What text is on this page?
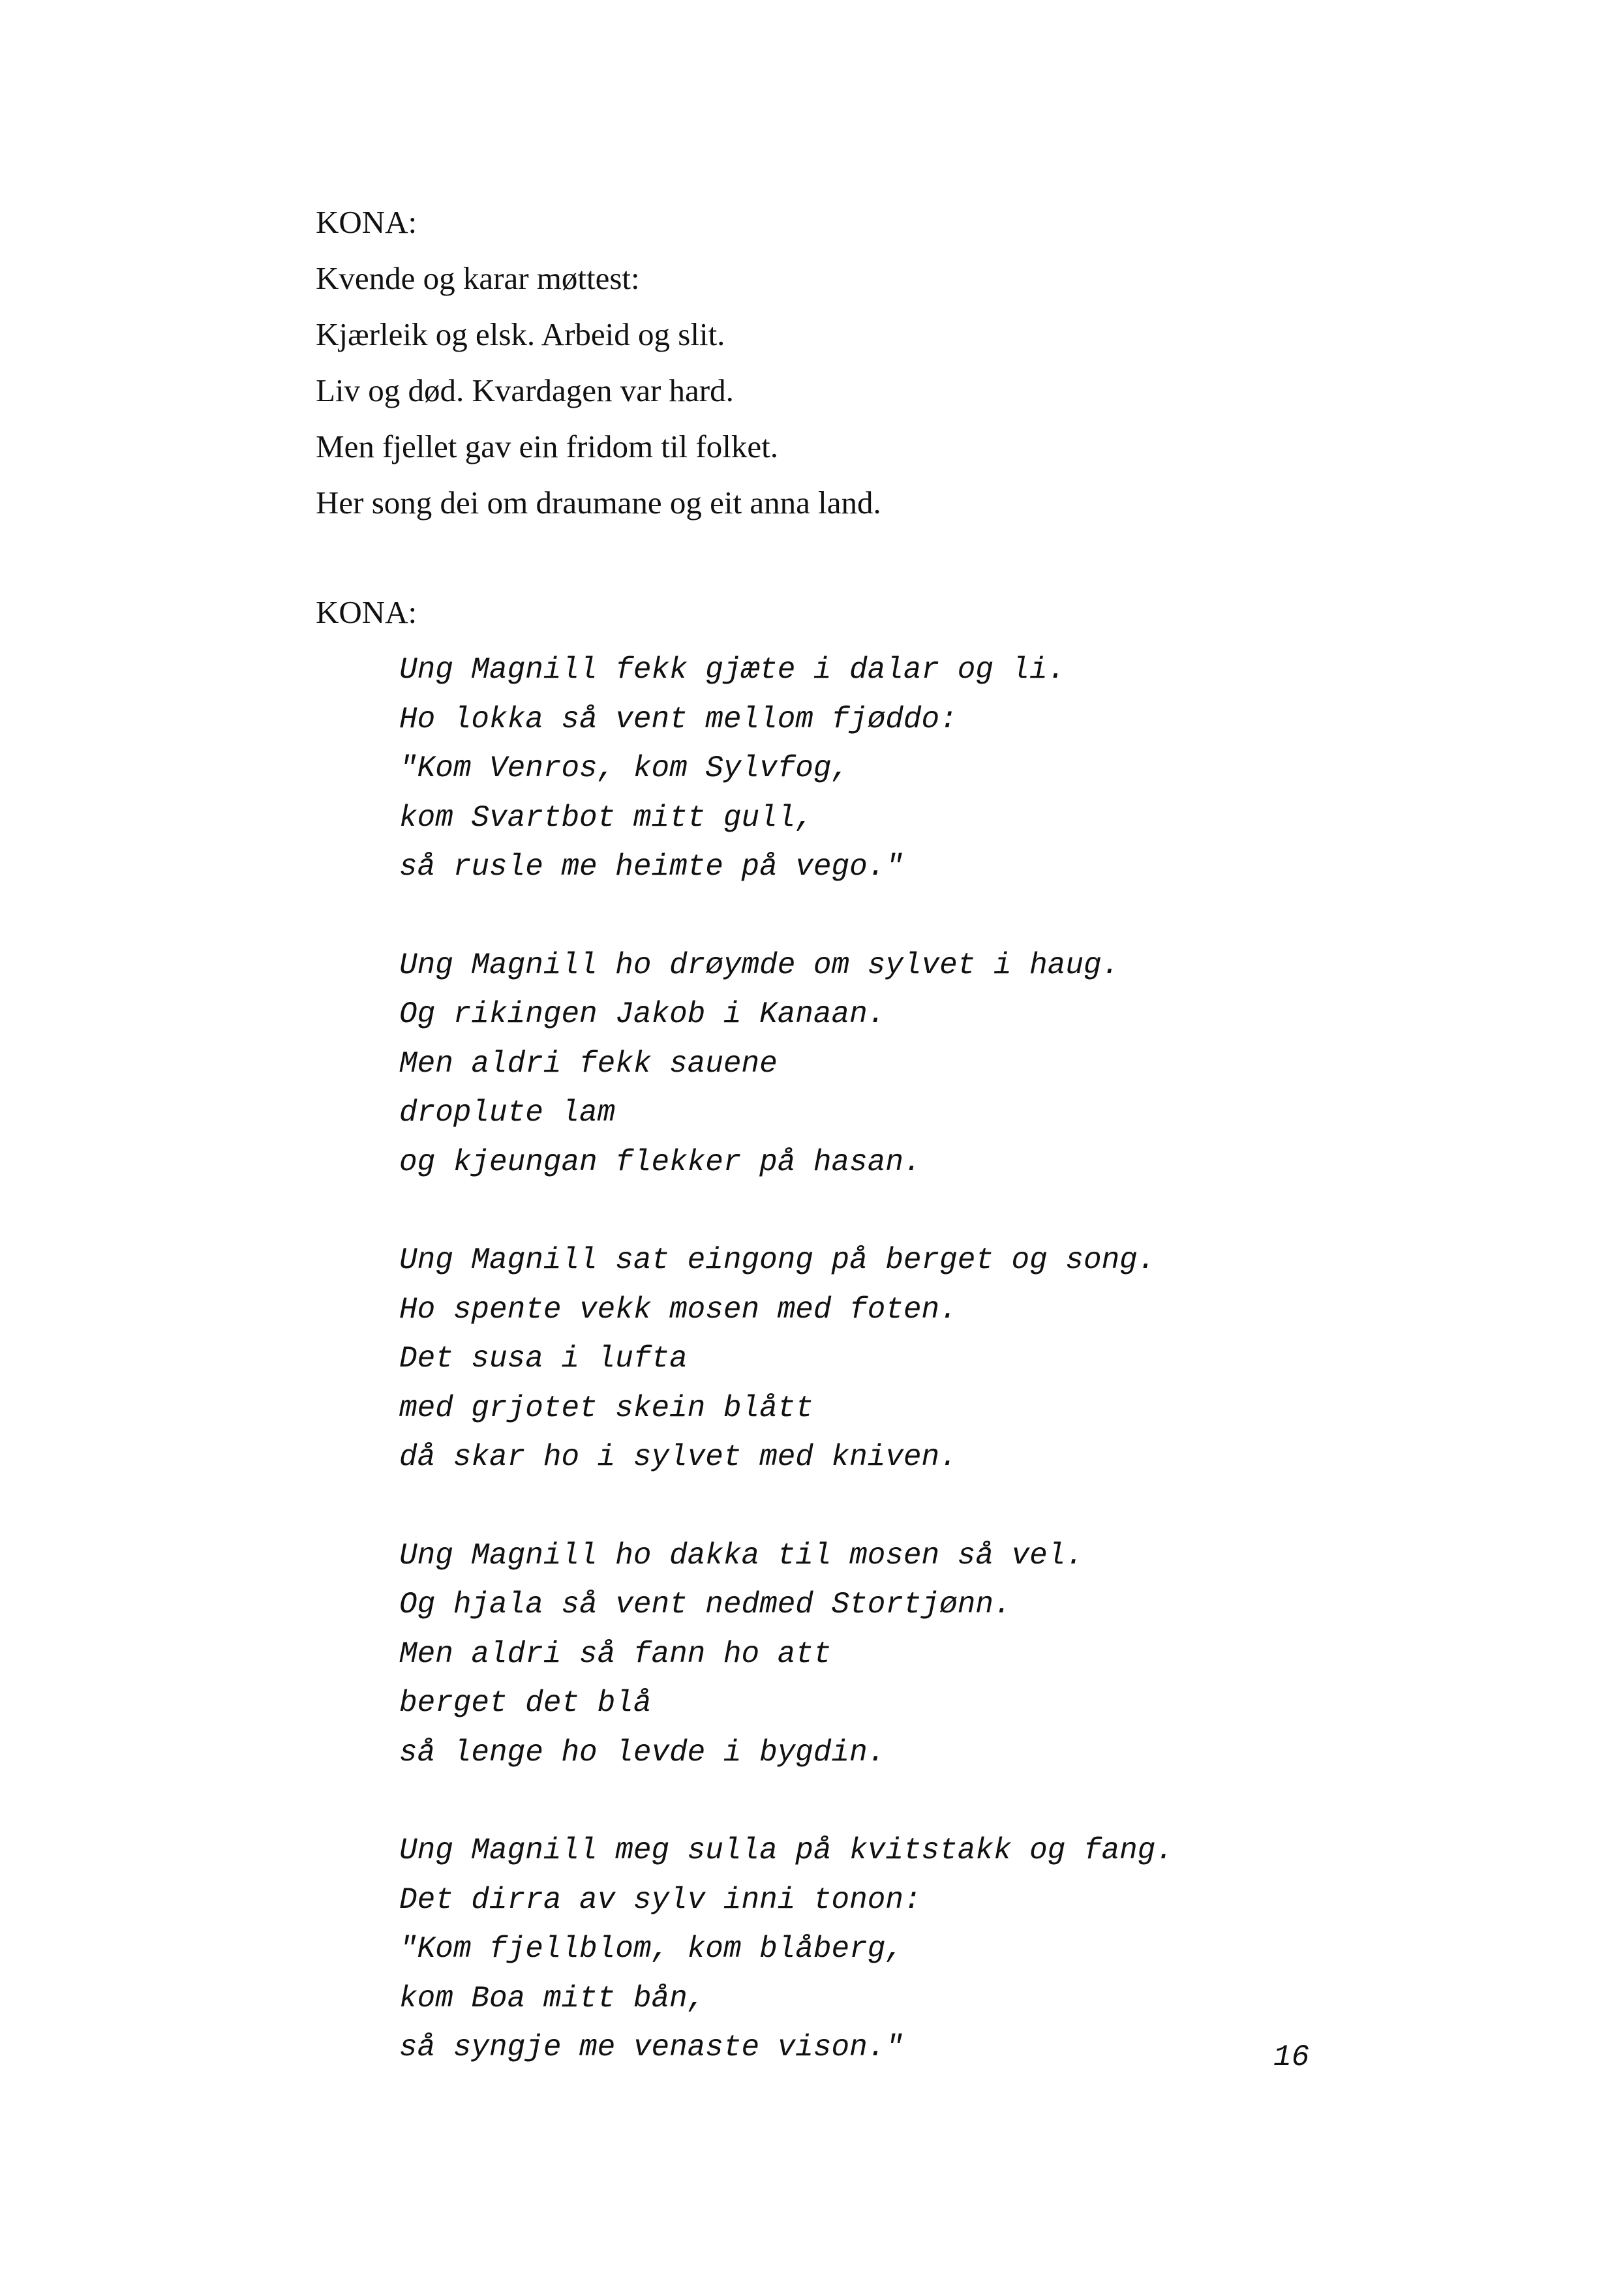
KONA:
Kvende og karar møttest:
Kjærleik og elsk. Arbeid og slit.
Liv og død. Kvardagen var hard.
Men fjellet gav ein fridom til folket.
Her song dei om draumane og eit anna land.
KONA:
Ung Magnill fekk gjæte i dalar og li.
Ho lokka så vent mellom fjøddo:
"Kom Venros, kom Sylvfog,
kom Svartbot mitt gull,
så rusle me heimte på vego."
Ung Magnill ho drøymde om sylvet i haug.
Og rikingen Jakob i Kanaan.
Men aldri fekk sauene
droplute lam
og kjeungan flekker på hasan.
Ung Magnill sat eingong på berget og song.
Ho spente vekk mosen med foten.
Det susa i lufta
med grjotet skein blått
då skar ho i sylvet med kniven.
Ung Magnill ho dakka til mosen så vel.
Og hjala så vent nedmed Stortjønn.
Men aldri så fann ho att
berget det blå
så lenge ho levde i bygdin.
Ung Magnill meg sulla på kvitstakk og fang.
Det dirra av sylv inni tonon:
"Kom fjellblom, kom blåberg,
kom Boa mitt bån,
så syngje me venaste vison."	16
